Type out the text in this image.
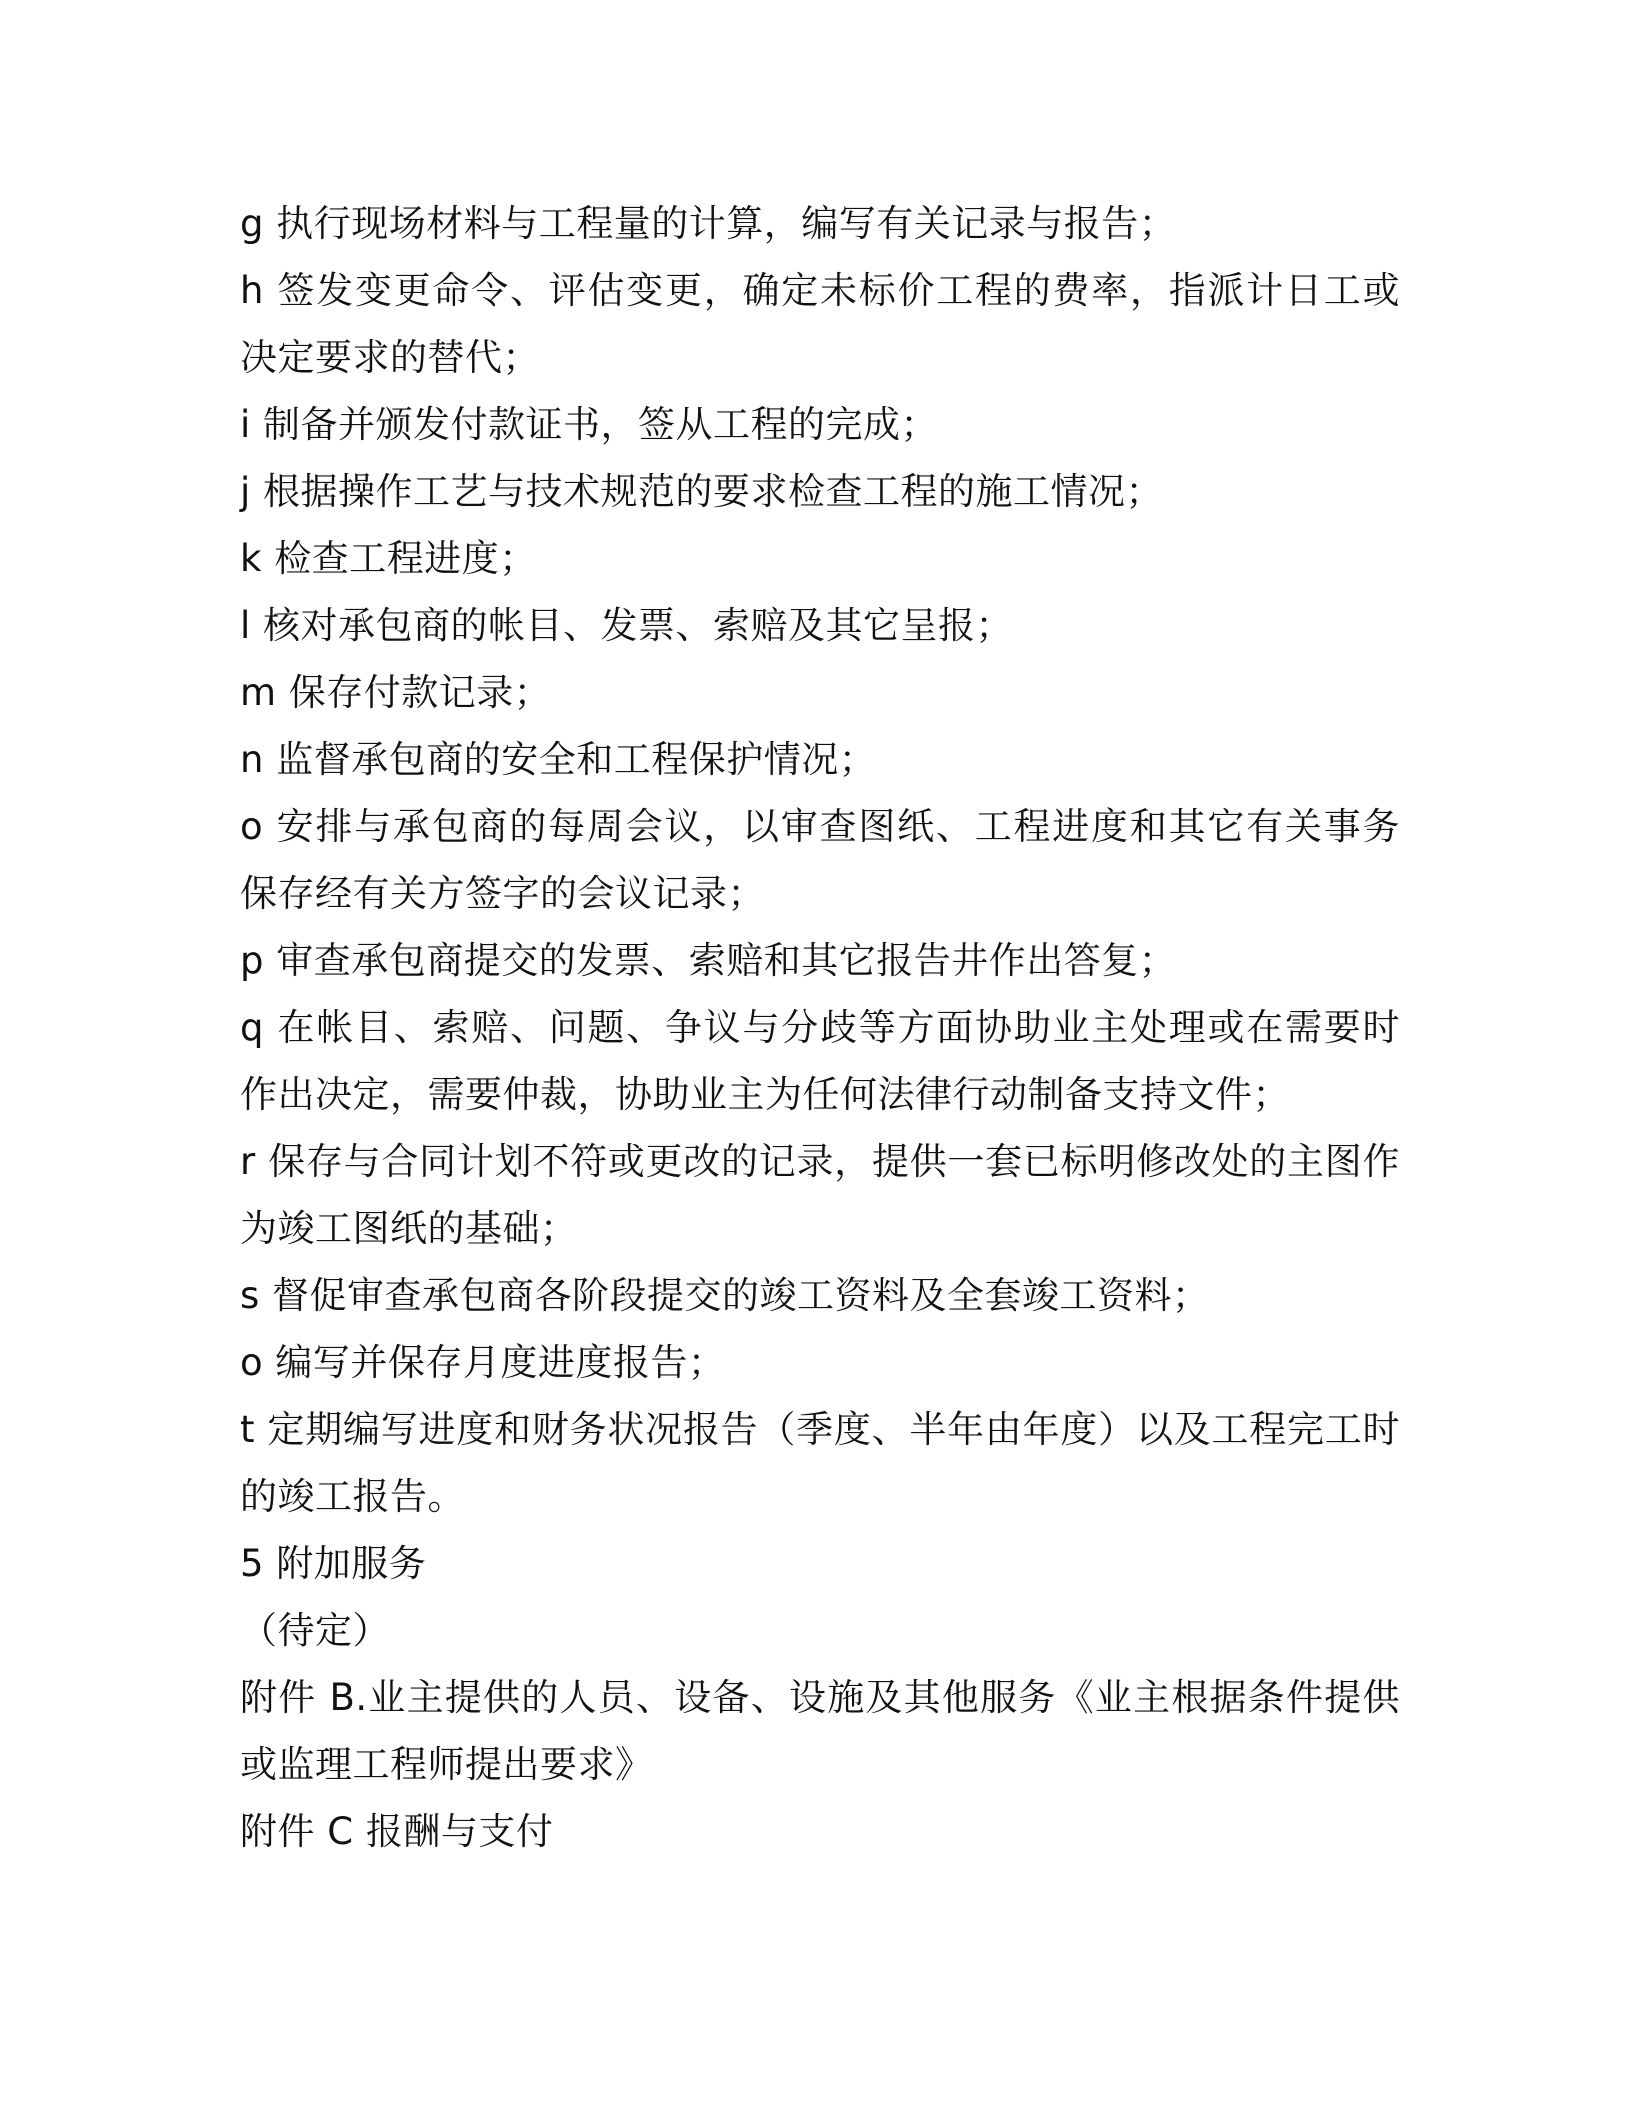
g 执行现场材料与工程量的计算，编写有关记录与报告；

h 签发变更命令、评估变更，确定未标价工程的费率，指派计日工或决定要求的替代；

i 制备并颁发付款证书，签从工程的完成；

j 根据操作工艺与技术规范的要求检查工程的施工情况；

k 检查工程进度；

l 核对承包商的帐目、发票、索赔及其它呈报；

m 保存付款记录；

n 监督承包商的安全和工程保护情况；

o 安排与承包商的每周会议，以审查图纸、工程进度和其它有关事务保存经有关方签字的会议记录；

p 审查承包商提交的发票、索赔和其它报告井作出答复；

q 在帐目、索赔、问题、争议与分歧等方面协助业主处理或在需要时作出决定，需要仲裁，协助业主为任何法律行动制备支持文件；

r 保存与合同计划不符或更改的记录，提供一套已标明修改处的主图作为竣工图纸的基础；

s 督促审查承包商各阶段提交的竣工资料及全套竣工资料；

o 编写并保存月度进度报告；

t 定期编写进度和财务状况报告（季度、半年由年度）以及工程完工时的竣工报告。

5 附加服务

（待定）

附件 B.业主提供的人员、设备、设施及其他服务《业主根据条件提供或监理工程师提出要求》

附件 C 报酬与支付
